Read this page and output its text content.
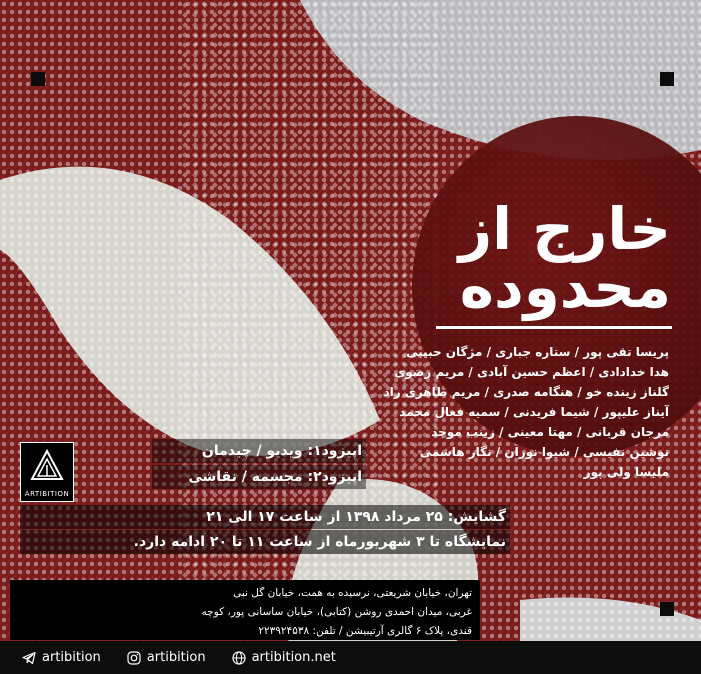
خارج از
محدوده
پریسا تقی پور / ستاره جباری / مژگان حبیبی
هدا خدادادی / اعظم حسین آبادی / مریم رضوی
گلناز زینده خو / هنگامه صدری / مریم طاهری راد
آیناز علیپور / شیما فریدنی / سمیه فعال محمد
مرجان قربانی / مهتا معینی / زینب موجد
نوشین نفیسی / شیوا نوران / نگار هاشمی
ملیسا ولی پور
ARTIBITION
اپیزود۱: ویدیو / چیدمان
اپیزود۲: مجسمه / نقاشی
گشایش: ۲۵ مرداد ۱۳۹۸ از ساعت ۱۷ الی ۲۱
نمایشگاه تا ۳ شهریورماه از ساعت ۱۱ تا ۲۰ ادامه دارد.
تهران، خیابان شریعتی، نرسیده به همت، خیابان گل نبی
غربی، میدان احمدی روشن (کتابی)، خیابان ساسانی پور، کوچه
قندی، پلاک ۶ گالری آرتیبیشن / تلفن: ۲۲۳۹۲۴۵۳۸
artibition	artibition	artibition.net
